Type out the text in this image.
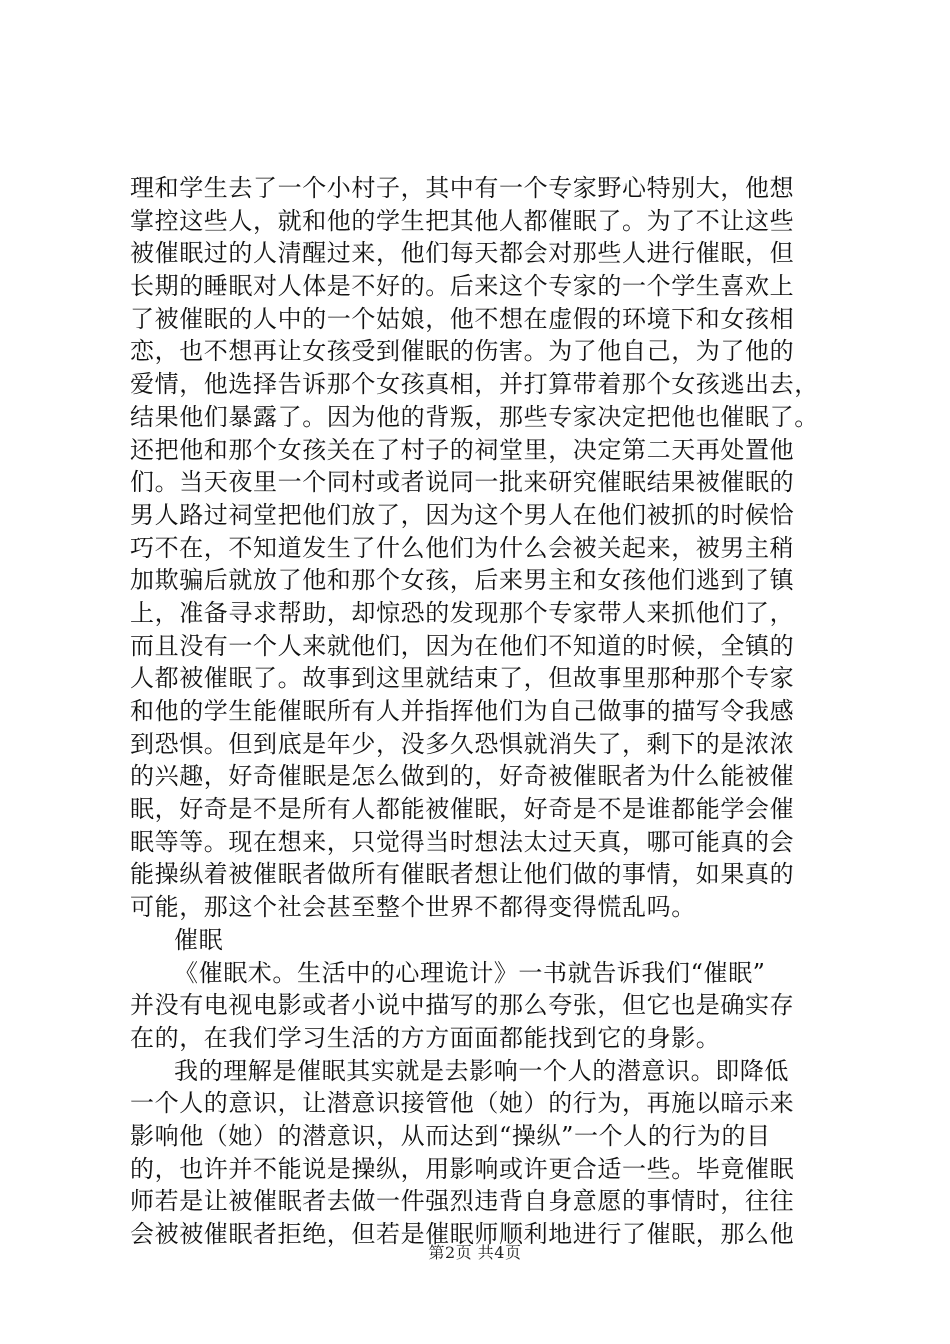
理和学生去了一个小村子，其中有一个专家野心特别大，他想
掌控这些人，就和他的学生把其他人都催眠了。为了不让这些
被催眠过的人清醒过来，他们每天都会对那些人进行催眠，但
长期的睡眠对人体是不好的。后来这个专家的一个学生喜欢上
了被催眠的人中的一个姑娘，他不想在虚假的环境下和女孩相
恋，也不想再让女孩受到催眠的伤害。为了他自己，为了他的
爱情，他选择告诉那个女孩真相，并打算带着那个女孩逃出去，
结果他们暴露了。因为他的背叛，那些专家决定把他也催眠了。
还把他和那个女孩关在了村子的祠堂里，决定第二天再处置他
们。当天夜里一个同村或者说同一批来研究催眠结果被催眠的
男人路过祠堂把他们放了，因为这个男人在他们被抓的时候恰
巧不在，不知道发生了什么他们为什么会被关起来，被男主稍
加欺骗后就放了他和那个女孩，后来男主和女孩他们逃到了镇
上，准备寻求帮助，却惊恐的发现那个专家带人来抓他们了，
而且没有一个人来就他们，因为在他们不知道的时候，全镇的
人都被催眠了。故事到这里就结束了，但故事里那种那个专家
和他的学生能催眠所有人并指挥他们为自己做事的描写令我感
到恐惧。但到底是年少，没多久恐惧就消失了，剩下的是浓浓
的兴趣，好奇催眠是怎么做到的，好奇被催眠者为什么能被催
眠，好奇是不是所有人都能被催眠，好奇是不是谁都能学会催
眠等等。现在想来，只觉得当时想法太过天真，哪可能真的会
能操纵着被催眠者做所有催眠者想让他们做的事情，如果真的
可能，那这个社会甚至整个世界不都得变得慌乱吗。
催眠
《催眠术。生活中的心理诡计》一书就告诉我们“催眠”
并没有电视电影或者小说中描写的那么夸张，但它也是确实存
在的，在我们学习生活的方方面面都能找到它的身影。
我的理解是催眠其实就是去影响一个人的潜意识。即降低
一个人的意识，让潜意识接管他（她）的行为，再施以暗示来
影响他（她）的潜意识，从而达到“操纵”一个人的行为的目
的，也许并不能说是操纵，用影响或许更合适一些。毕竟催眠
师若是让被催眠者去做一件强烈违背自身意愿的事情时，往往
会被被催眠者拒绝，但若是催眠师顺利地进行了催眠，那么他
第2页 共4页
